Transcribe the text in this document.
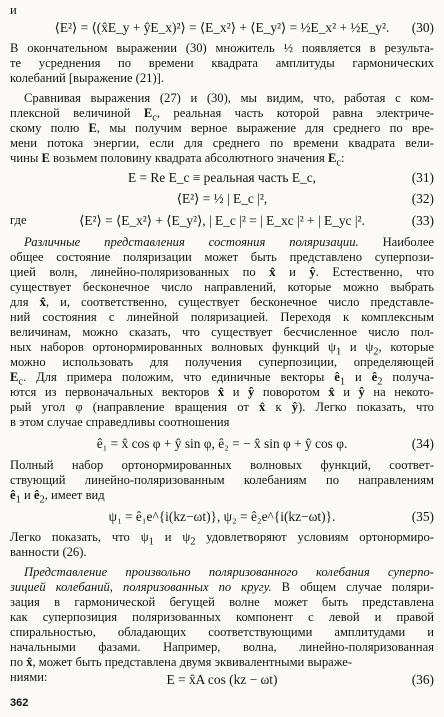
и
⟨E²⟩ = ⟨(x̂E_y + ŷE_x)²⟩ = ⟨E_x²⟩ + ⟨E_y²⟩ = ½E_x² + ½E_y².	(30)
В окончательном выражении (30) множитель ½ появляется в результа-
те усреднения по времени квадрата амплитуды гармонических
колебаний [выражение (21)].
Сравнивая выражения (27) и (30), мы видим, что, работая с ком-
плексной величиной $E_c$, реальная часть которой равна электриче-
скому полю E, мы получим верное выражение для среднего по вре-
мени потока энергии, если для среднего по времени квадрата вели-
чины E возьмем половину квадрата абсолютного значения $E_c$:
E = Re E_c ≡ реальная часть E_c,	(31)
⟨E²⟩ = ½ | E_c |²,	(32)
где	⟨E²⟩ = ⟨E_x²⟩ + ⟨E_y²⟩, | E_c |² = | E_xc |² + | E_yc |².	(33)
Различные представления состояния поляризации. Наиболее
общее состояние поляризации может быть представлено суперпози-
цией волн, линейно-поляризованных по x̂ и ŷ. Естественно, что
существует бесконечное число направлений, которые можно выбрать
для x̂, и, соответственно, существует бесконечное число представле-
ний состояния с линейной поляризацией. Переходя к комплексным
величинам, можно сказать, что существует бесчисленное число пол-
ных наборов ортонормированных волновых функций $\psi_1$ и $\psi_2$, которые
можно использовать для получения суперпозиции, определяющей
$E_c$. Для примера положим, что единичные векторы $ê_1$ и $ê_2$ получа-
ются из первоначальных векторов x̂ и ŷ поворотом x̂ и ŷ на некото-
рый угол φ (направление вращения от x̂ к ŷ). Легко показать, что
в этом случае справедливы соотношения
ê₁ = x̂ cos φ + ŷ sin φ, ê₂ = − x̂ sin φ + ŷ cos φ.	(34)
Полный набор ортонормированных волновых функций, соответ-
ствующий линейно-поляризованным колебаниям по направлениям
$ê_1$ и $ê_2$, имеет вид
ψ₁ = ê₁e^{i(kz−ωt)}, ψ₂ = ê₂e^{i(kz−ωt)}.	(35)
Легко показать, что $\psi_1$ и $\psi_2$ удовлетворяют условиям ортонормиро-
ванности (26).
Представление произвольно поляризованного колебания суперпо-
зицией колебаний, поляризованных по кругу. В общем случае поляри-
зация в гармонической бегущей волне может быть представлена
как суперпозиция поляризованных компонент с левой и правой
спиральностью, обладающих соответствующими амплитудами и
начальными фазами. Например, волна, линейно-поляризованная
по x̂, может быть представлена двумя эквивалентными выраже-
ниями:	E = x̂A cos (kz − ωt)	(36)
362
